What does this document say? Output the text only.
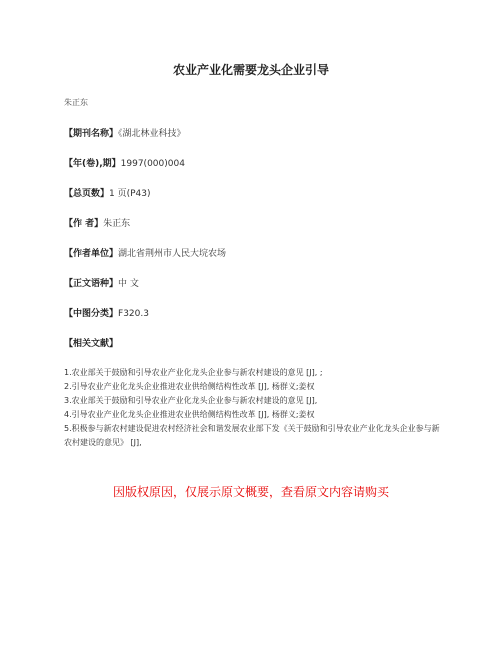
农业产业化需要龙头企业引导
朱正东
【期刊名称】《湖北林业科技》
【年(卷),期】1997(000)004
【总页数】1 页(P43)
【作 者】朱正东
【作者单位】湖北省荆州市人民大垸农场
【正文语种】中 文
【中图分类】F320.3
【相关文献】
1.农业部关于鼓励和引导农业产业化龙头企业参与新农村建设的意见 [J], ;
2.引导农业产业化龙头企业推进农业供给侧结构性改革 [J], 杨群义;姜权
3.农业部关于鼓励和引导农业产业化龙头企业参与新农村建设的意见 [J],
4.引导农业产业化龙头企业推进农业供给侧结构性改革 [J], 杨群义;姜权
5.积极参与新农村建设促进农村经济社会和谐发展农业部下发《关于鼓励和引导农业产业化龙头企业参与新农村建设的意见》 [J],
因版权原因，仅展示原文概要，查看原文内容请购买
